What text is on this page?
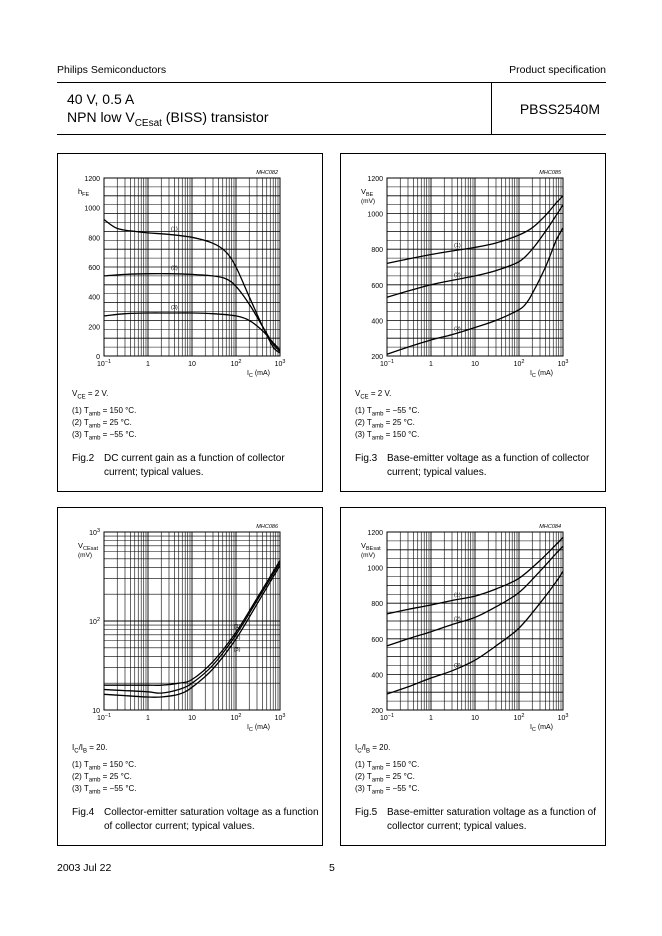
Philips Semiconductors	Product specification
40 V, 0.5 A
NPN low $V_{CEsat}$ (BISS) transistor	PBSS2540M
0
200
400
600
800
1000
1200
$10^{-1}$	1	10	$10^2$	$10^3$
$I_C$ (mA)
$h_{FE}$
MHC082
(1)
(2)
(3)
$V_{CE} = 2$ V.
(1) $T_{amb} = 150$ °C.
(2) $T_{amb} = 25$ °C.
(3) $T_{amb} = -55$ °C.
Fig.2 DC current gain as a function of collector current; typical values.
200
400
600
800
1000
1200
$10^{-1}$	1	10	$10^2$	$10^3$
$I_C$ (mA)
$V_{BE}$
(mV)
MHC085
(1)
(2)
(3)
$V_{CE} = 2$ V.
(1) $T_{amb} = -55$ °C.
(2) $T_{amb} = 25$ °C.
(3) $T_{amb} = 150$ °C.
Fig.3 Base-emitter voltage as a function of collector current; typical values.
10
$10^2$
$10^3$
$10^{-1}$	1	10	$10^2$	$10^3$
$I_C$ (mA)
$V_{CEsat}$
(mV)
MHC086
(1)
(2)
(3)
$I_C/I_B = 20$.
(1) $T_{amb} = 150$ °C.
(2) $T_{amb} = 25$ °C.
(3) $T_{amb} = -55$ °C.
Fig.4 Collector-emitter saturation voltage as a function of collector current; typical values.
200
400
600
800
1000
1200
$10^{-1}$	1	10	$10^2$	$10^3$
$I_C$ (mA)
$V_{BEsat}$
(mV)
MHC084
(1)
(2)
(3)
$I_C/I_B = 20$.
(1) $T_{amb} = 150$ °C.
(2) $T_{amb} = 25$ °C.
(3) $T_{amb} = -55$ °C.
Fig.5 Base-emitter saturation voltage as a function of collector current; typical values.
2003 Jul 22	5
